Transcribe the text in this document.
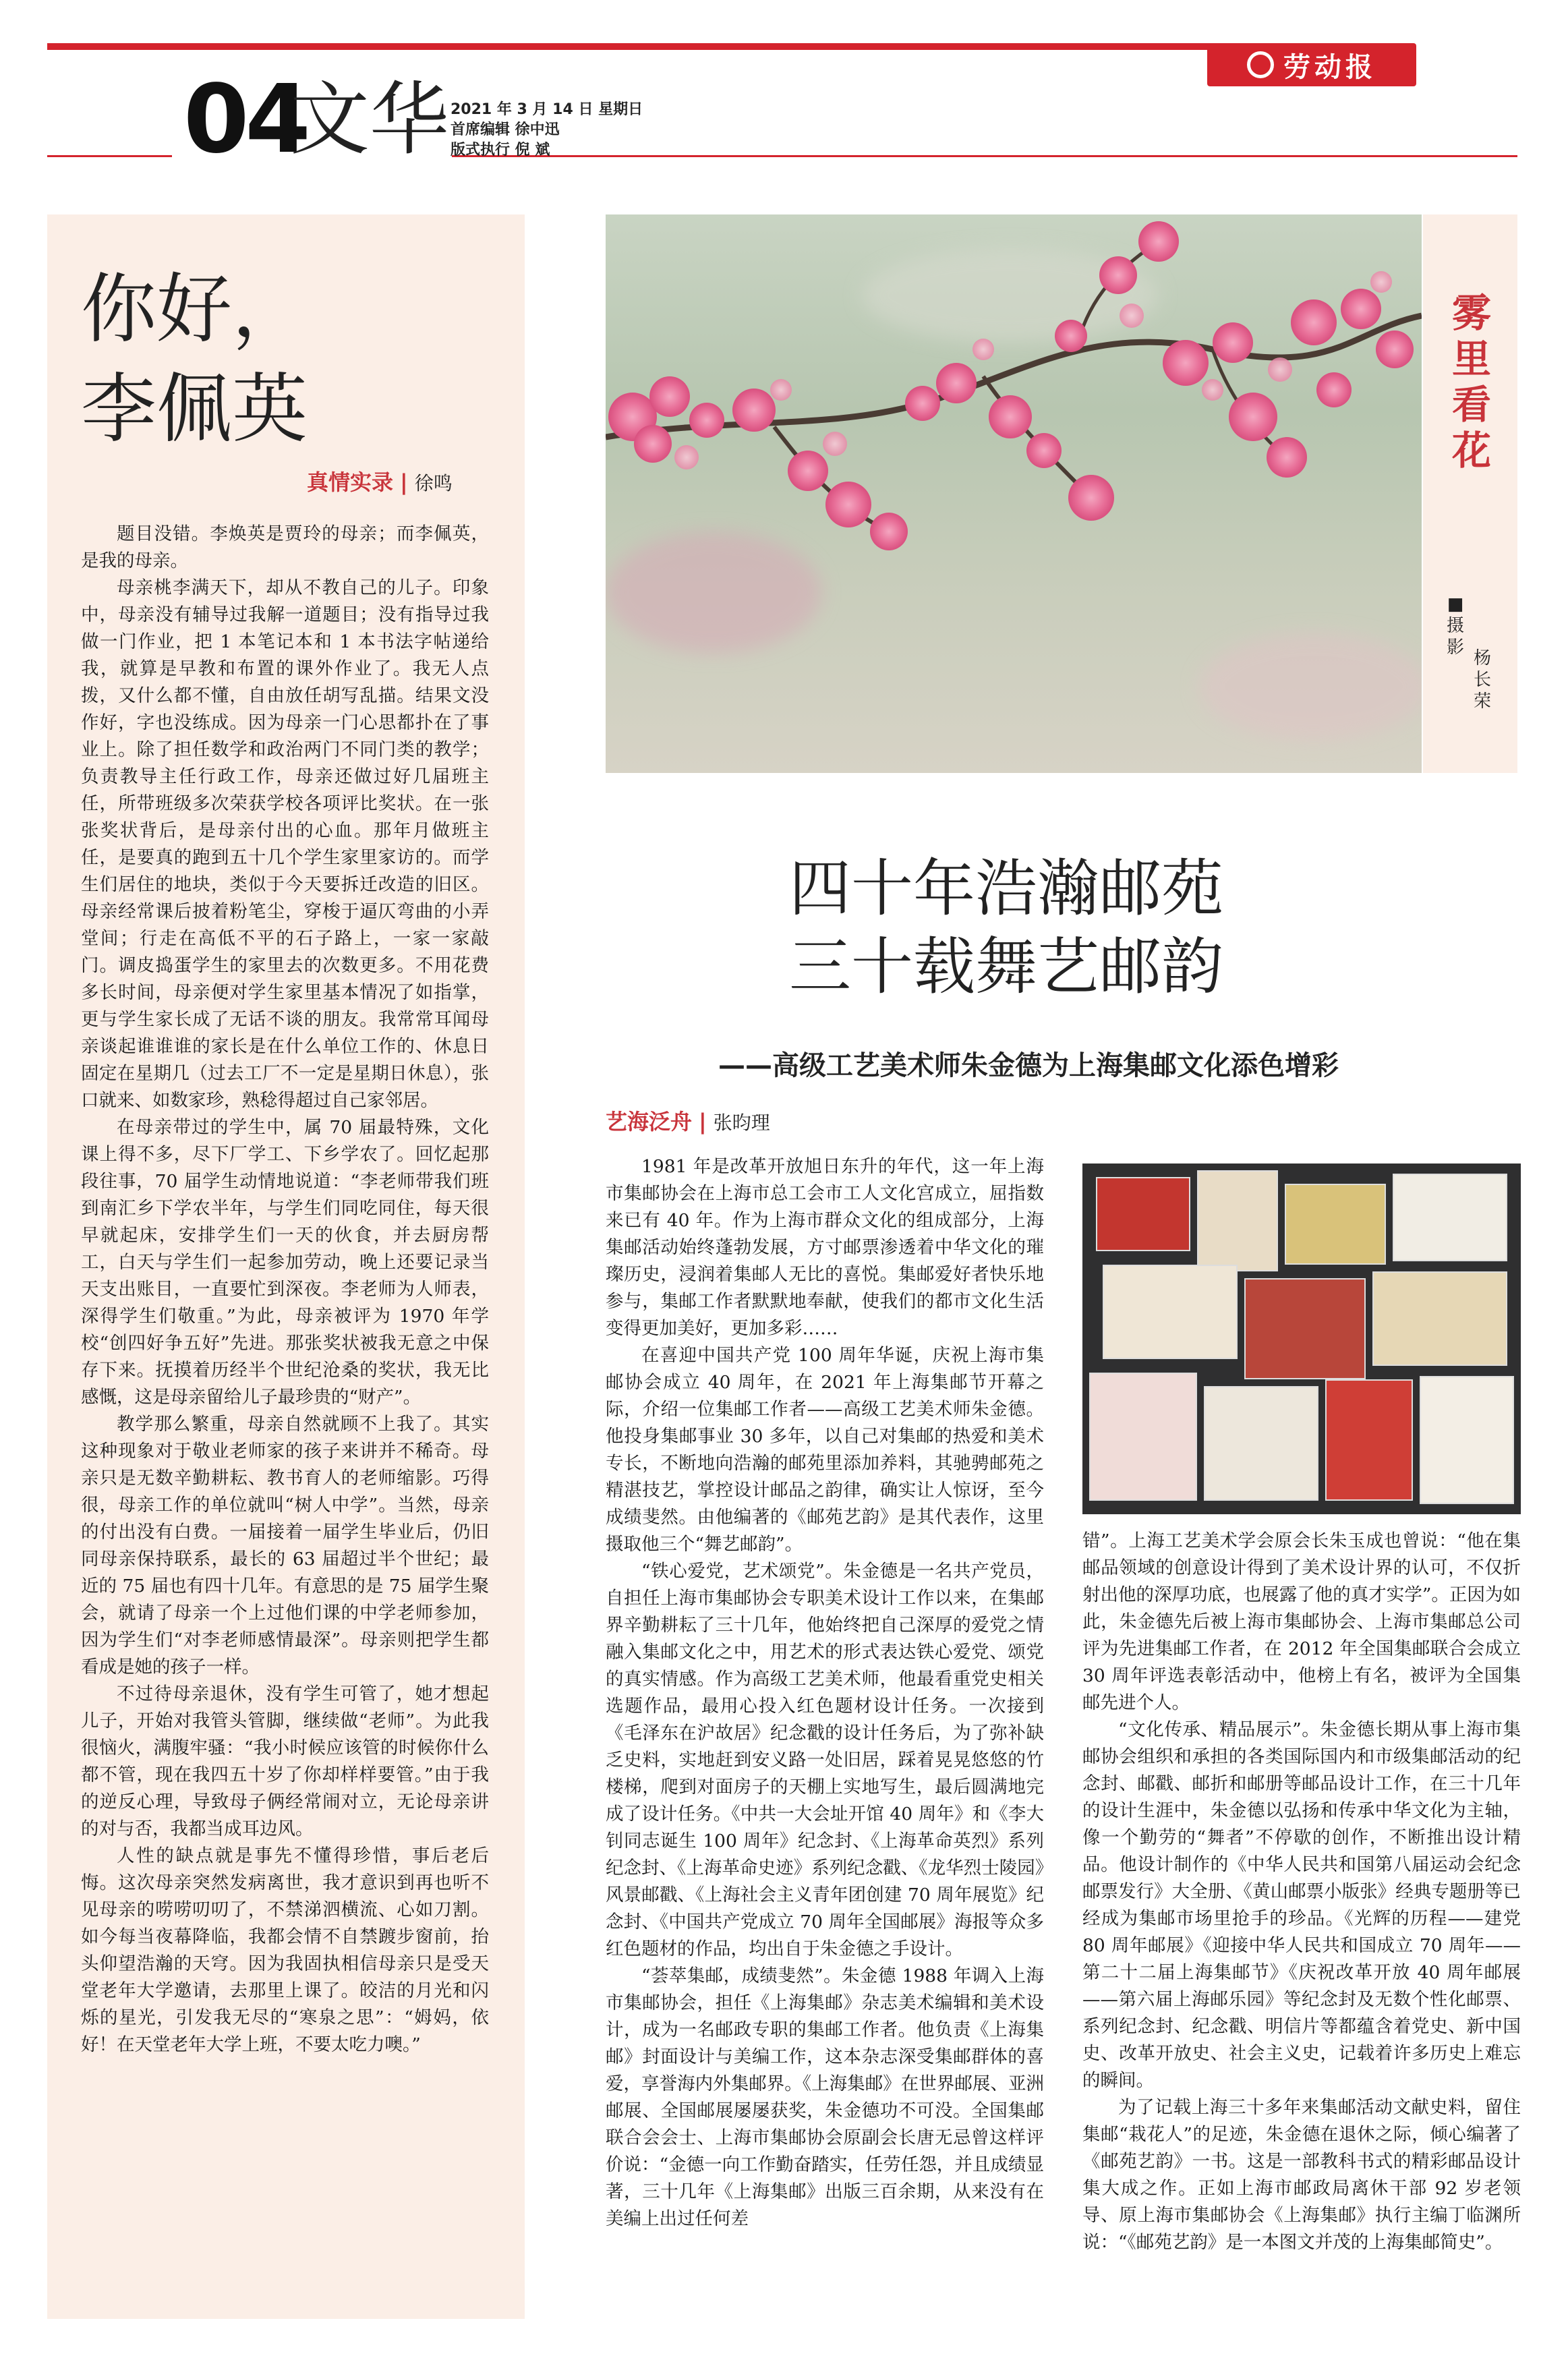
劳动报
04
文华 2021 年 3 月 14 日 星期日
首席编辑 徐中迅
版式执行 倪 斌
你好，
李佩英
真情实录 | 徐鸣

题目没错。李焕英是贾玲的母亲；而李佩英，是我的母亲。

母亲桃李满天下，却从不教自己的儿子。印象中，母亲没有辅导过我解一道题目；没有指导过我做一门作业，把 1 本笔记本和 1 本书法字帖递给我，就算是早教和布置的课外作业了。我无人点拨，又什么都不懂，自由放任胡写乱描。结果文没作好，字也没练成。因为母亲一门心思都扑在了事业上。除了担任数学和政治两门不同门类的教学；负责教导主任行政工作，母亲还做过好几届班主任，所带班级多次荣获学校各项评比奖状。在一张张奖状背后，是母亲付出的心血。那年月做班主任，是要真的跑到五十几个学生家里家访的。而学生们居住的地块，类似于今天要拆迁改造的旧区。母亲经常课后披着粉笔尘，穿梭于逼仄弯曲的小弄堂间；行走在高低不平的石子路上，一家一家敲门。调皮捣蛋学生的家里去的次数更多。不用花费多长时间，母亲便对学生家里基本情况了如指掌，更与学生家长成了无话不谈的朋友。我常常耳闻母亲谈起谁谁谁的家长是在什么单位工作的、休息日固定在星期几（过去工厂不一定是星期日休息），张口就来、如数家珍，熟稔得超过自己家邻居。

在母亲带过的学生中，属 70 届最特殊，文化课上得不多，尽下厂学工、下乡学农了。回忆起那段往事，70 届学生动情地说道：“李老师带我们班到南汇乡下学农半年，与学生们同吃同住，每天很早就起床，安排学生们一天的伙食，并去厨房帮工，白天与学生们一起参加劳动，晚上还要记录当天支出账目，一直要忙到深夜。李老师为人师表，深得学生们敬重。”为此，母亲被评为 1970 年学校“创四好争五好”先进。那张奖状被我无意之中保存下来。抚摸着历经半个世纪沧桑的奖状，我无比感慨，这是母亲留给儿子最珍贵的“财产”。

教学那么繁重，母亲自然就顾不上我了。其实这种现象对于敬业老师家的孩子来讲并不稀奇。母亲只是无数辛勤耕耘、教书育人的老师缩影。巧得很，母亲工作的单位就叫“树人中学”。当然，母亲的付出没有白费。一届接着一届学生毕业后，仍旧同母亲保持联系，最长的 63 届超过半个世纪；最近的 75 届也有四十几年。有意思的是 75 届学生聚会，就请了母亲一个上过他们课的中学老师参加，因为学生们“对李老师感情最深”。母亲则把学生都看成是她的孩子一样。

不过待母亲退休，没有学生可管了，她才想起儿子，开始对我管头管脚，继续做“老师”。为此我很恼火，满腹牢骚：“我小时候应该管的时候你什么都不管，现在我四五十岁了你却样样要管。”由于我的逆反心理，导致母子俩经常闹对立，无论母亲讲的对与否，我都当成耳边风。

人性的缺点就是事先不懂得珍惜，事后老后悔。这次母亲突然发病离世，我才意识到再也听不见母亲的唠唠叨叨了，不禁涕泗横流、心如刀割。如今每当夜幕降临，我都会情不自禁踱步窗前，抬头仰望浩瀚的天穹。因为我固执相信母亲只是受天堂老年大学邀请，去那里上课了。皎洁的月光和闪烁的星光，引发我无尽的“寒泉之思”：“姆妈，依好！在天堂老年大学上班，不要太吃力噢。”

雾里看花
■摄影
杨长荣
四十年浩瀚邮苑
三十载舞艺邮韵
——高级工艺美术师朱金德为上海集邮文化添色增彩
艺海泛舟 | 张昀理

1981 年是改革开放旭日东升的年代，这一年上海市集邮协会在上海市总工会市工人文化宫成立，屈指数来已有 40 年。作为上海市群众文化的组成部分，上海集邮活动始终蓬勃发展，方寸邮票渗透着中华文化的璀璨历史，浸润着集邮人无比的喜悦。集邮爱好者快乐地参与，集邮工作者默默地奉献，使我们的都市文化生活变得更加美好，更加多彩……

在喜迎中国共产党 100 周年华诞，庆祝上海市集邮协会成立 40 周年，在 2021 年上海集邮节开幕之际，介绍一位集邮工作者——高级工艺美术师朱金德。他投身集邮事业 30 多年，以自己对集邮的热爱和美术专长，不断地向浩瀚的邮苑里添加养料，其驰骋邮苑之精湛技艺，掌控设计邮品之韵律，确实让人惊讶，至今成绩斐然。由他编著的《邮苑艺韵》是其代表作，这里摄取他三个“舞艺邮韵”。

“铁心爱党，艺术颂党”。朱金德是一名共产党员，自担任上海市集邮协会专职美术设计工作以来，在集邮界辛勤耕耘了三十几年，他始终把自己深厚的爱党之情融入集邮文化之中，用艺术的形式表达铁心爱党、颂党的真实情感。作为高级工艺美术师，他最看重党史相关选题作品，最用心投入红色题材设计任务。一次接到《毛泽东在沪故居》纪念戳的设计任务后，为了弥补缺乏史料，实地赶到安义路一处旧居，踩着晃晃悠悠的竹楼梯，爬到对面房子的天棚上实地写生，最后圆满地完成了设计任务。《中共一大会址开馆 40 周年》和《李大钊同志诞生 100 周年》纪念封、《上海革命英烈》系列纪念封、《上海革命史迹》系列纪念戳、《龙华烈士陵园》风景邮戳、《上海社会主义青年团创建 70 周年展览》纪念封、《中国共产党成立 70 周年全国邮展》海报等众多红色题材的作品，均出自于朱金德之手设计。

“荟萃集邮，成绩斐然”。朱金德 1988 年调入上海市集邮协会，担任《上海集邮》杂志美术编辑和美术设计，成为一名邮政专职的集邮工作者。他负责《上海集邮》封面设计与美编工作，这本杂志深受集邮群体的喜爱，享誉海内外集邮界。《上海集邮》在世界邮展、亚洲邮展、全国邮展屡屡获奖，朱金德功不可没。全国集邮联合会会士、上海市集邮协会原副会长唐无忌曾这样评价说：“金德一向工作勤奋踏实，任劳任怨，并且成绩显著，三十几年《上海集邮》出版三百余期，从来没有在美编上出过任何差

错”。上海工艺美术学会原会长朱玉成也曾说：“他在集邮品领域的创意设计得到了美术设计界的认可，不仅折射出他的深厚功底，也展露了他的真才实学”。正因为如此，朱金德先后被上海市集邮协会、上海市集邮总公司评为先进集邮工作者，在 2012 年全国集邮联合会成立 30 周年评选表彰活动中，他榜上有名，被评为全国集邮先进个人。

“文化传承、精品展示”。朱金德长期从事上海市集邮协会组织和承担的各类国际国内和市级集邮活动的纪念封、邮戳、邮折和邮册等邮品设计工作，在三十几年的设计生涯中，朱金德以弘扬和传承中华文化为主轴，像一个勤劳的“舞者”不停歇的创作，不断推出设计精品。他设计制作的《中华人民共和国第八届运动会纪念邮票发行》大全册、《黄山邮票小版张》经典专题册等已经成为集邮市场里抢手的珍品。《光辉的历程——建党 80 周年邮展》《迎接中华人民共和国成立 70 周年——第二十二届上海集邮节》《庆祝改革开放 40 周年邮展——第六届上海邮乐园》等纪念封及无数个性化邮票、系列纪念封、纪念戳、明信片等都蕴含着党史、新中国史、改革开放史、社会主义史，记载着许多历史上难忘的瞬间。

为了记载上海三十多年来集邮活动文献史料，留住集邮“栽花人”的足迹，朱金德在退休之际，倾心编著了《邮苑艺韵》一书。这是一部教科书式的精彩邮品设计集大成之作。正如上海市邮政局离休干部 92 岁老领导、原上海市集邮协会《上海集邮》执行主编丁临渊所说：“《邮苑艺韵》是一本图文并茂的上海集邮简史”。
